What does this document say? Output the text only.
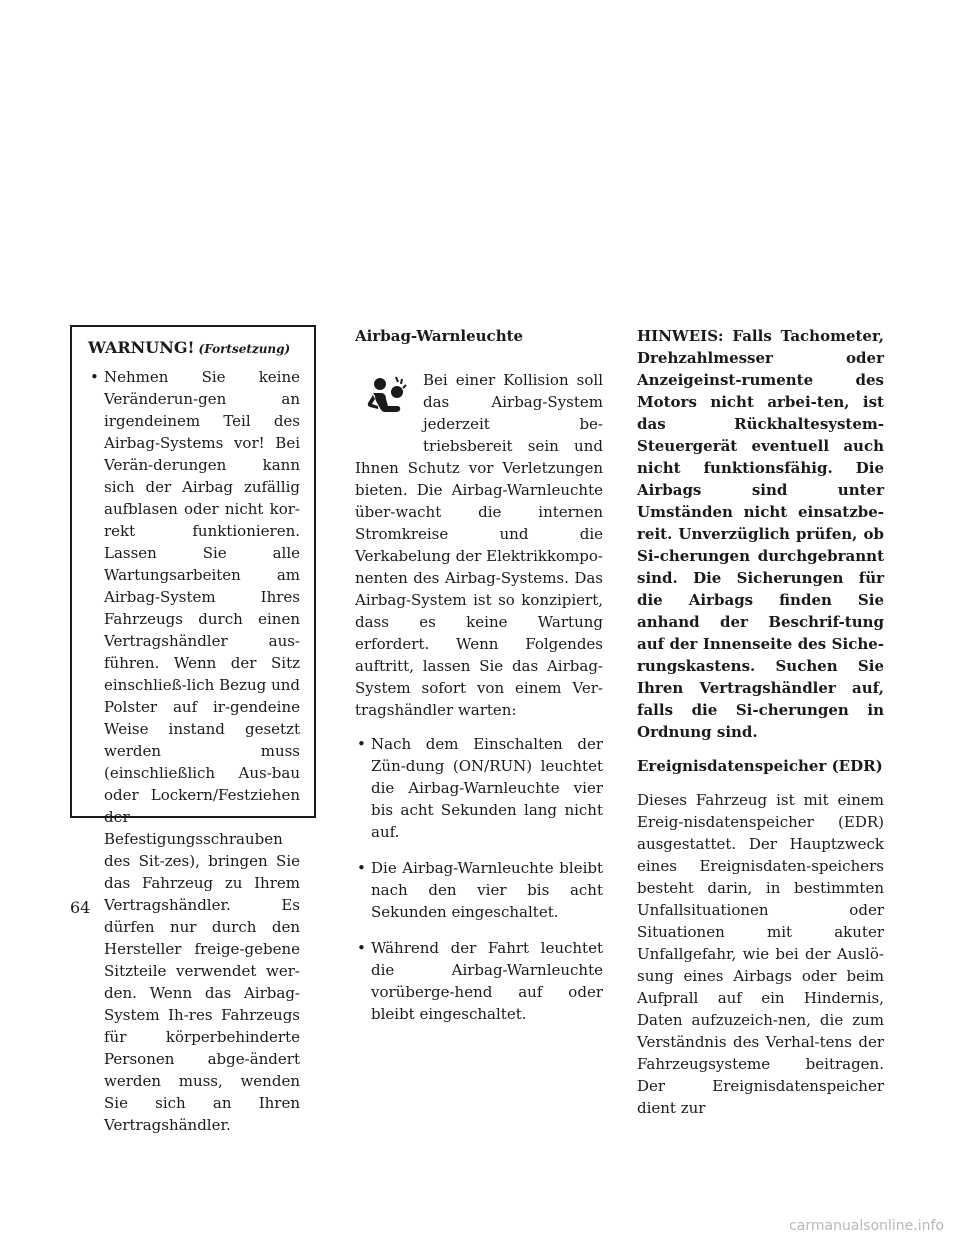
WARNUNG! (Fortsetzung)
• Nehmen Sie keine Veränderun-gen an irgendeinem Teil des Airbag-Systems vor! Bei Verän-derungen kann sich der Airbag zufällig aufblasen oder nicht kor-rekt funktionieren. Lassen Sie alle Wartungsarbeiten am Airbag-System Ihres Fahrzeugs durch einen Vertragshändler aus-führen. Wenn der Sitz einschließ-lich Bezug und Polster auf ir-gendeine Weise instand gesetzt werden muss (einschließlich Aus-bau oder Lockern/Festziehen der Befestigungsschrauben des Sit-zes), bringen Sie das Fahrzeug zu Ihrem Vertragshändler. Es dürfen nur durch den Hersteller freige-gebene Sitzteile verwendet wer-den. Wenn das Airbag-System Ih-res Fahrzeugs für körperbehinderte Personen abge-ändert werden muss, wenden Sie sich an Ihren Vertragshändler.
Airbag-Warnleuchte

Bei einer Kollision soll das Airbag-System jederzeit be-triebsbereit sein und Ihnen Schutz vor Verletzungen bieten. Die Airbag-Warnleuchte über-wacht die internen Stromkreise und die Verkabelung der Elektrikkompo-nenten des Airbag-Systems. Das Airbag-System ist so konzipiert, dass es keine Wartung erfordert. Wenn Folgendes auftritt, lassen Sie das Airbag-System sofort von einem Ver-tragshändler warten:

• Nach dem Einschalten der Zün-dung (ON/RUN) leuchtet die Airbag-Warnleuchte vier bis acht Sekunden lang nicht auf.
• Die Airbag-Warnleuchte bleibt nach den vier bis acht Sekunden eingeschaltet.
• Während der Fahrt leuchtet die Airbag-Warnleuchte vorüberge-hend auf oder bleibt eingeschaltet.

HINWEIS: Falls Tachometer, Drehzahlmesser oder Anzeigeinst-rumente des Motors nicht arbei-ten, ist das Rückhaltesystem-Steuergerät eventuell auch nicht funktionsfähig. Die Airbags sind unter Umständen nicht einsatzbe-reit. Unverzüglich prüfen, ob Si-cherungen durchgebrannt sind. Die Sicherungen für die Airbags finden Sie anhand der Beschrif-tung auf der Innenseite des Siche-rungskastens. Suchen Sie Ihren Vertragshändler auf, falls die Si-cherungen in Ordnung sind.

Ereignisdatenspeicher (EDR)

Dieses Fahrzeug ist mit einem Ereig-nisdatenspeicher (EDR) ausgestattet. Der Hauptzweck eines Ereignisdaten-speichers besteht darin, in bestimmten Unfallsituationen oder Situationen mit akuter Unfallgefahr, wie bei der Auslö-sung eines Airbags oder beim Aufprall auf ein Hindernis, Daten aufzuzeich-nen, die zum Verständnis des Verhal-tens der Fahrzeugsysteme beitragen. Der Ereignisdatenspeicher dient zur

64
carmanualsonline.info
